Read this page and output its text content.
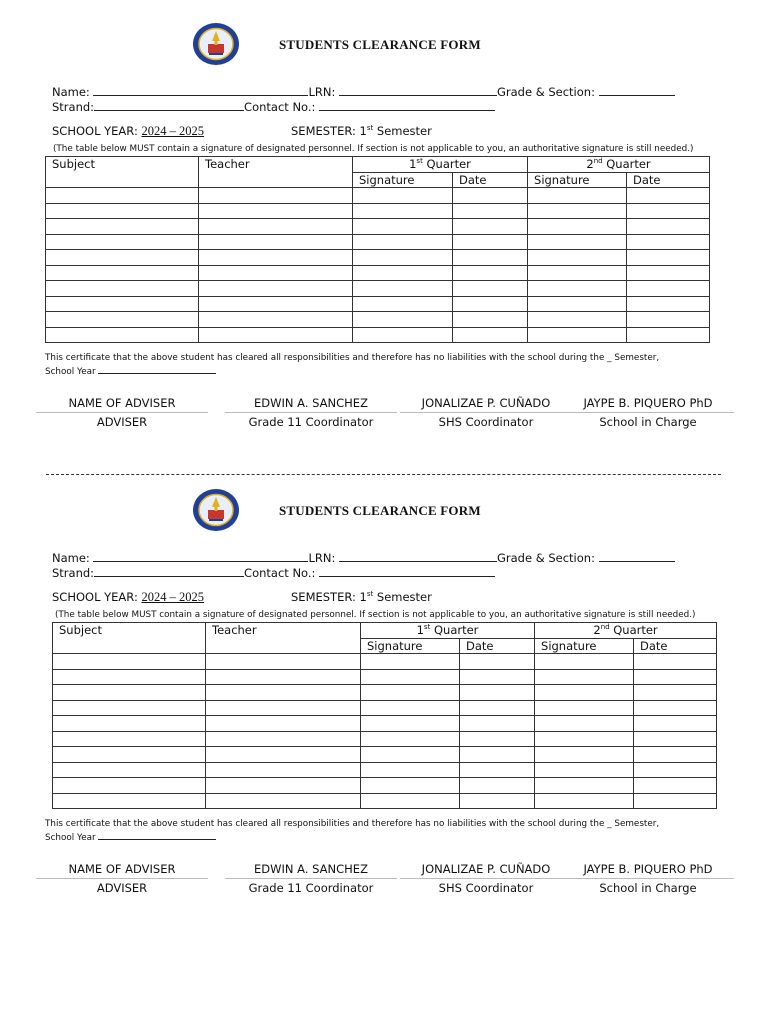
STUDENTS CLEARANCE FORM
Name:	LRN:	Grade & Section:
Strand:	Contact No.:
SCHOOL YEAR: 2024 – 2025	SEMESTER: 1st Semester
(The table below MUST contain a signature of designated personnel. If section is not applicable to you, an authoritative signature is still needed.)
Subject	Teacher	1st Quarter		2nd Quarter	
		Signature	Date	Signature	Date

This certificate that the above student has cleared all responsibilities and therefore has no liabilities with the school during the _ Semester,
School Year
NAME OF ADVISER
ADVISER
EDWIN A. SANCHEZ
Grade 11 Coordinator
JONALIZAE P. CUÑADO
SHS Coordinator
JAYPE B. PIQUERO PhD
School in Charge
STUDENTS CLEARANCE FORM
Name:	LRN:	Grade & Section:
Strand:	Contact No.:
SCHOOL YEAR: 2024 – 2025	SEMESTER: 1st Semester
(The table below MUST contain a signature of designated personnel. If section is not applicable to you, an authoritative signature is still needed.)
Subject	Teacher	1st Quarter		2nd Quarter	
		Signature	Date	Signature	Date

This certificate that the above student has cleared all responsibilities and therefore has no liabilities with the school during the _ Semester,
School Year
NAME OF ADVISER
ADVISER
EDWIN A. SANCHEZ
Grade 11 Coordinator
JONALIZAE P. CUÑADO
SHS Coordinator
JAYPE B. PIQUERO PhD
School in Charge
